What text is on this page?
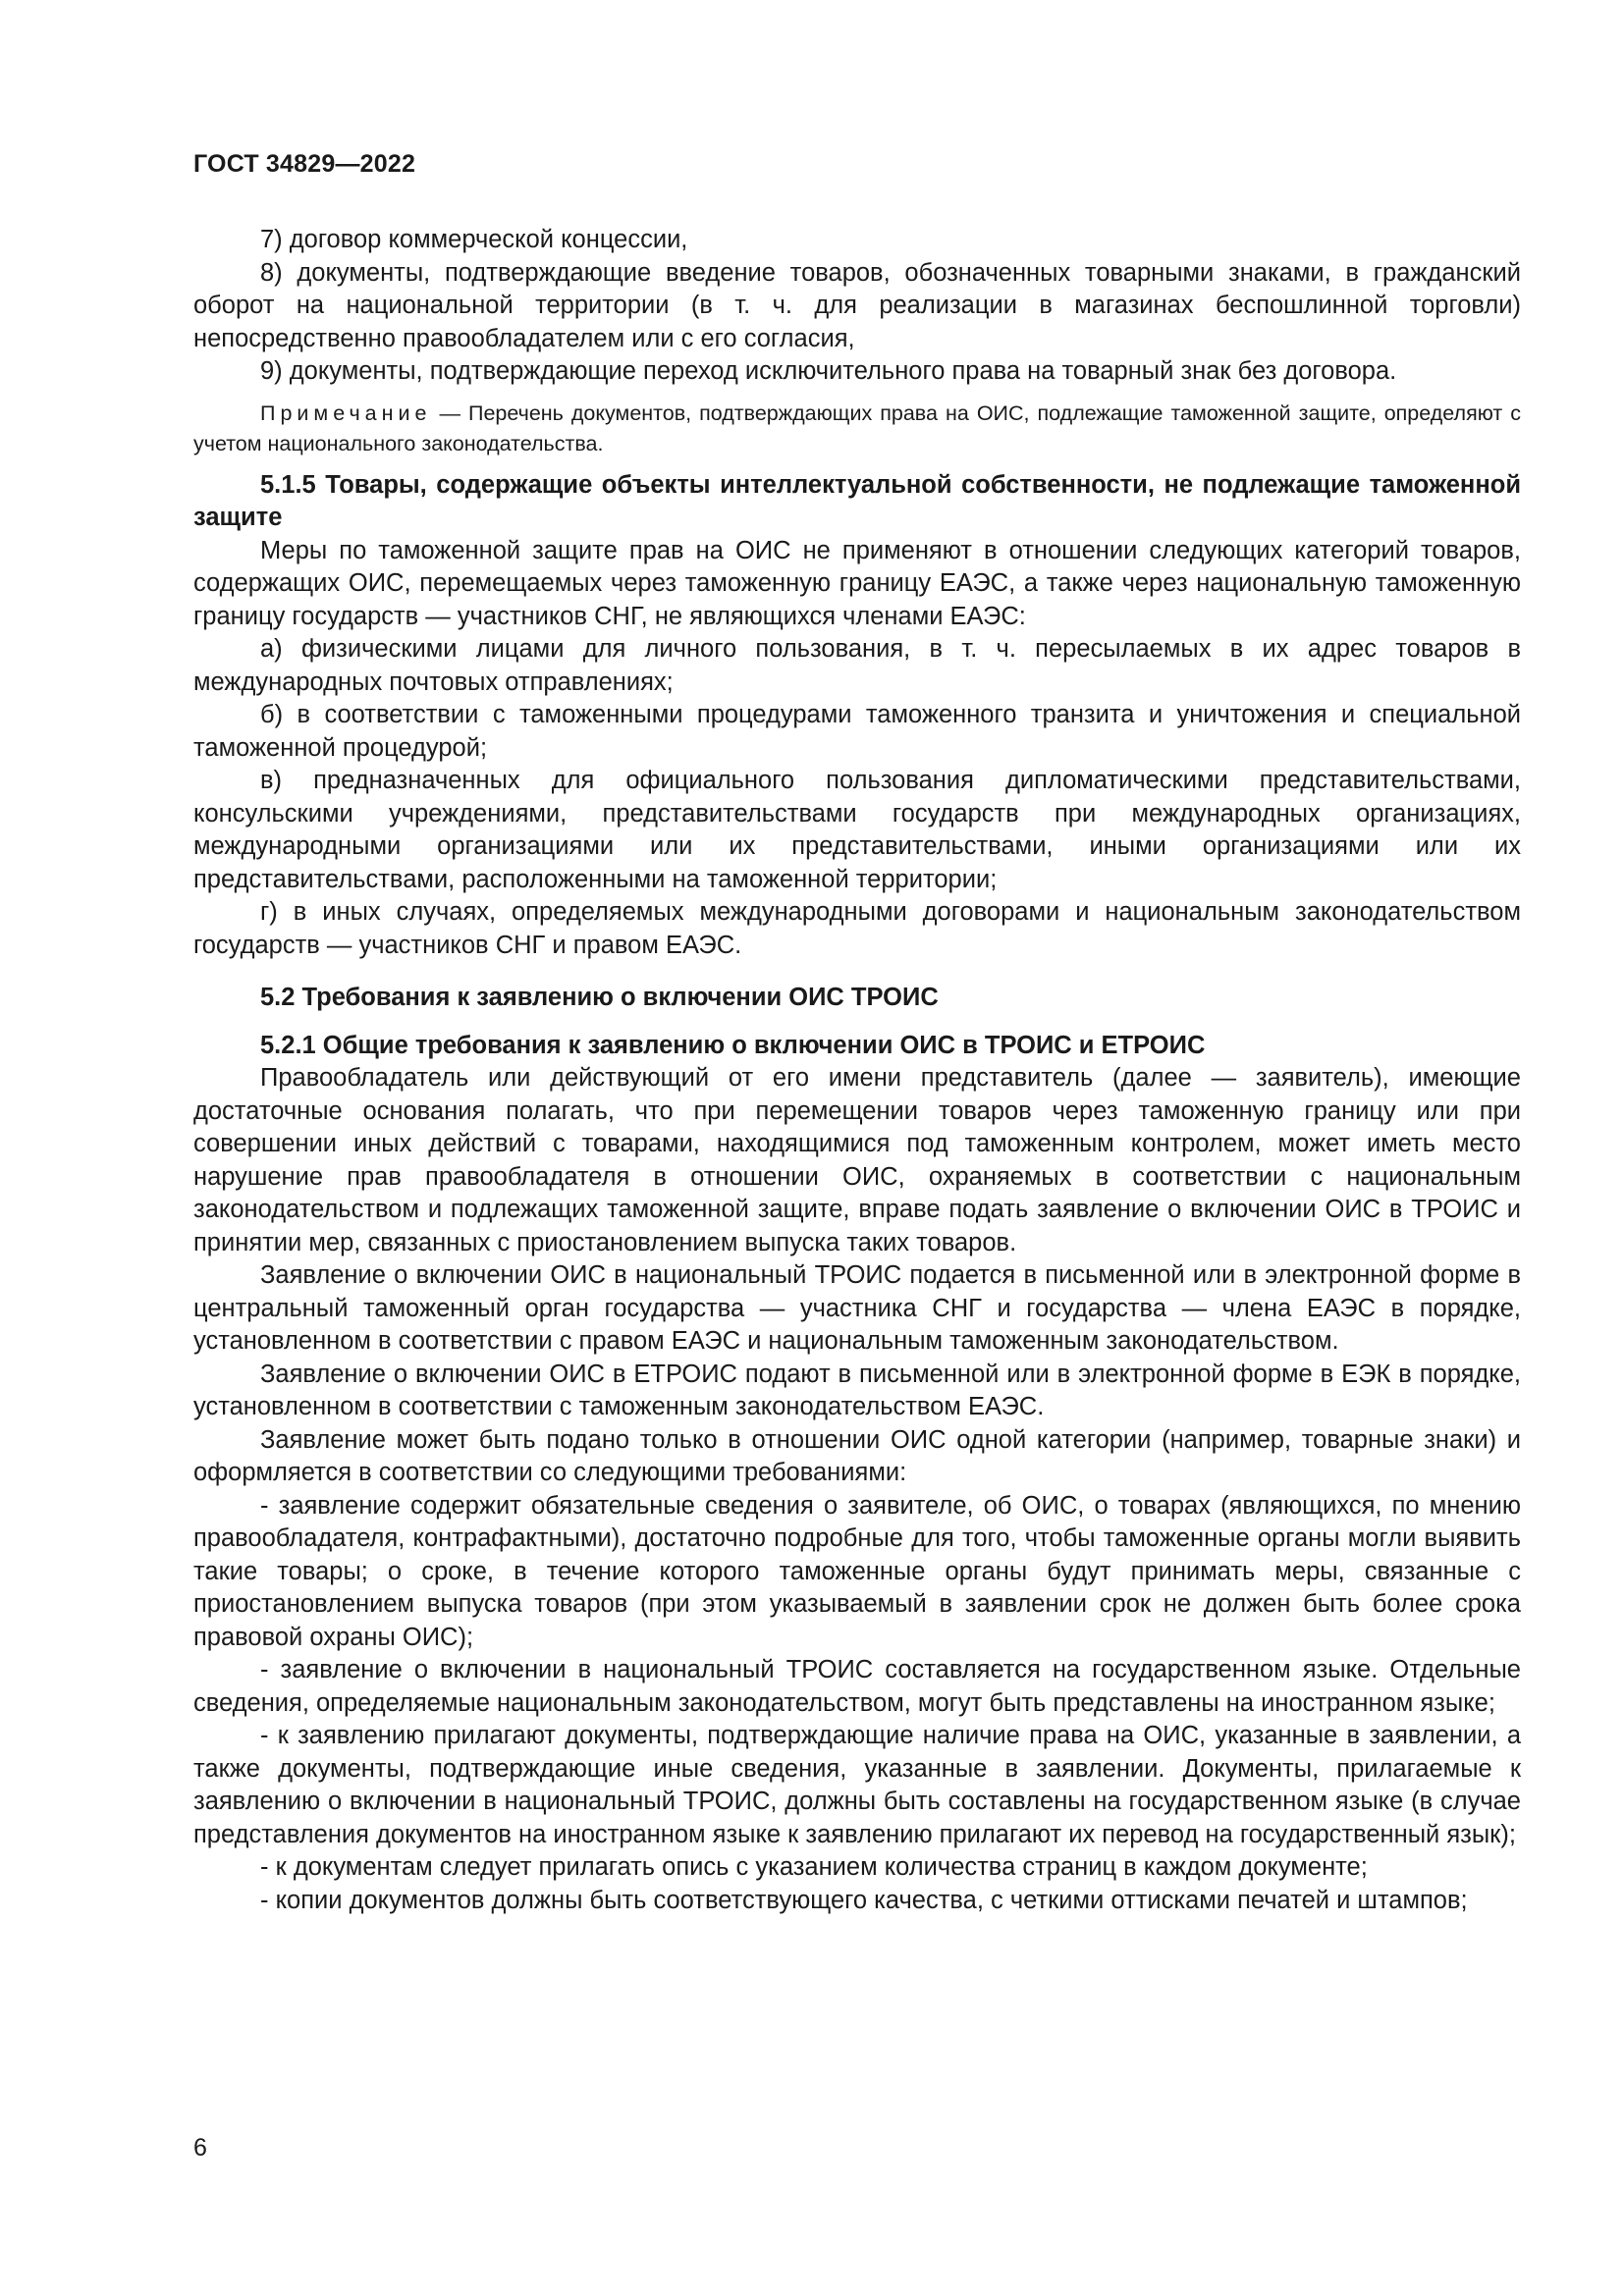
ГОСТ 34829—2022

7) договор коммерческой концессии,

8) документы, подтверждающие введение товаров, обозначенных товарными знаками, в гражданский оборот на национальной территории (в т. ч. для реализации в магазинах беспошлинной торговли) непосредственно правообладателем или с его согласия,

9) документы, подтверждающие переход исключительного права на товарный знак без договора.

Примечание — Перечень документов, подтверждающих права на ОИС, подлежащие таможенной защите, определяют с учетом национального законодательства.

5.1.5 Товары, содержащие объекты интеллектуальной собственности, не подлежащие таможенной защите

Меры по таможенной защите прав на ОИС не применяют в отношении следующих категорий товаров, содержащих ОИС, перемещаемых через таможенную границу ЕАЭС, а также через национальную таможенную границу государств — участников СНГ, не являющихся членами ЕАЭС:

а) физическими лицами для личного пользования, в т. ч. пересылаемых в их адрес товаров в международных почтовых отправлениях;

б) в соответствии с таможенными процедурами таможенного транзита и уничтожения и специальной таможенной процедурой;

в) предназначенных для официального пользования дипломатическими представительствами, консульскими учреждениями, представительствами государств при международных организациях, международными организациями или их представительствами, иными организациями или их представительствами, расположенными на таможенной территории;

г) в иных случаях, определяемых международными договорами и национальным законодательством государств — участников СНГ и правом ЕАЭС.

5.2 Требования к заявлению о включении ОИС ТРОИС
5.2.1 Общие требования к заявлению о включении ОИС в ТРОИС и ЕТРОИС

Правообладатель или действующий от его имени представитель (далее — заявитель), имеющие достаточные основания полагать, что при перемещении товаров через таможенную границу или при совершении иных действий с товарами, находящимися под таможенным контролем, может иметь место нарушение прав правообладателя в отношении ОИС, охраняемых в соответствии с национальным законодательством и подлежащих таможенной защите, вправе подать заявление о включении ОИС в ТРОИС и принятии мер, связанных с приостановлением выпуска таких товаров.

Заявление о включении ОИС в национальный ТРОИС подается в письменной или в электронной форме в центральный таможенный орган государства — участника СНГ и государства — члена ЕАЭС в порядке, установленном в соответствии с правом ЕАЭС и национальным таможенным законодательством.

Заявление о включении ОИС в ЕТРОИС подают в письменной или в электронной форме в ЕЭК в порядке, установленном в соответствии с таможенным законодательством ЕАЭС.

Заявление может быть подано только в отношении ОИС одной категории (например, товарные знаки) и оформляется в соответствии со следующими требованиями:

- заявление содержит обязательные сведения о заявителе, об ОИС, о товарах (являющихся, по мнению правообладателя, контрафактными), достаточно подробные для того, чтобы таможенные органы могли выявить такие товары; о сроке, в течение которого таможенные органы будут принимать меры, связанные с приостановлением выпуска товаров (при этом указываемый в заявлении срок не должен быть более срока правовой охраны ОИС);

- заявление о включении в национальный ТРОИС составляется на государственном языке. Отдельные сведения, определяемые национальным законодательством, могут быть представлены на иностранном языке;

- к заявлению прилагают документы, подтверждающие наличие права на ОИС, указанные в заявлении, а также документы, подтверждающие иные сведения, указанные в заявлении. Документы, прилагаемые к заявлению о включении в национальный ТРОИС, должны быть составлены на государственном языке (в случае представления документов на иностранном языке к заявлению прилагают их перевод на государственный язык);

- к документам следует прилагать опись с указанием количества страниц в каждом документе;

- копии документов должны быть соответствующего качества, с четкими оттисками печатей и штампов;

6
